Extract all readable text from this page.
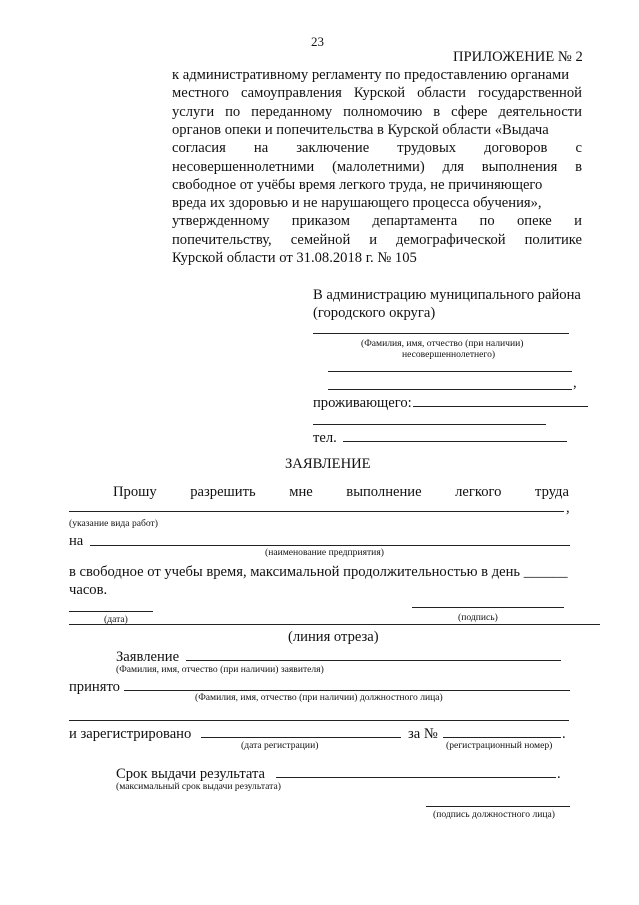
23
ПРИЛОЖЕНИЕ № 2
к административному регламенту по предоставлению органами
местного самоуправления Курской области государственной
услуги по переданному полномочию в сфере деятельности
органов опеки и попечительства в Курской области «Выдача
согласия на заключение трудовых договоров с
несовершеннолетними (малолетними) для выполнения в
свободное от учёбы время легкого труда, не причиняющего
вреда их здоровью и не нарушающего процесса обучения»,
утвержденному приказом департамента по опеке и
попечительству, семейной и демографической политике
Курской области от 31.08.2018 г. № 105
В администрацию муниципального района
(городского округа)
(Фамилия, имя, отчество (при наличии)
несовершеннолетнего)
,
проживающего:
тел.
ЗАЯВЛЕНИЕ
Прошу разрешить мне выполнение легкого труда
,
(указание вида работ)
на
(наименование предприятия)
в свободное от учебы время, максимальной продолжительностью в день ______
часов.
(дата)	(подпись)
(линия отреза)
Заявление
(Фамилия, имя, отчество (при наличии) заявителя)
принято
(Фамилия, имя, отчество (при наличии) должностного лица)
и зарегистрировано	за №	.
(дата регистрации)	(регистрационный номер)
Срок выдачи результата	.
(максимальный срок выдачи результата)
(подпись должностного лица)
